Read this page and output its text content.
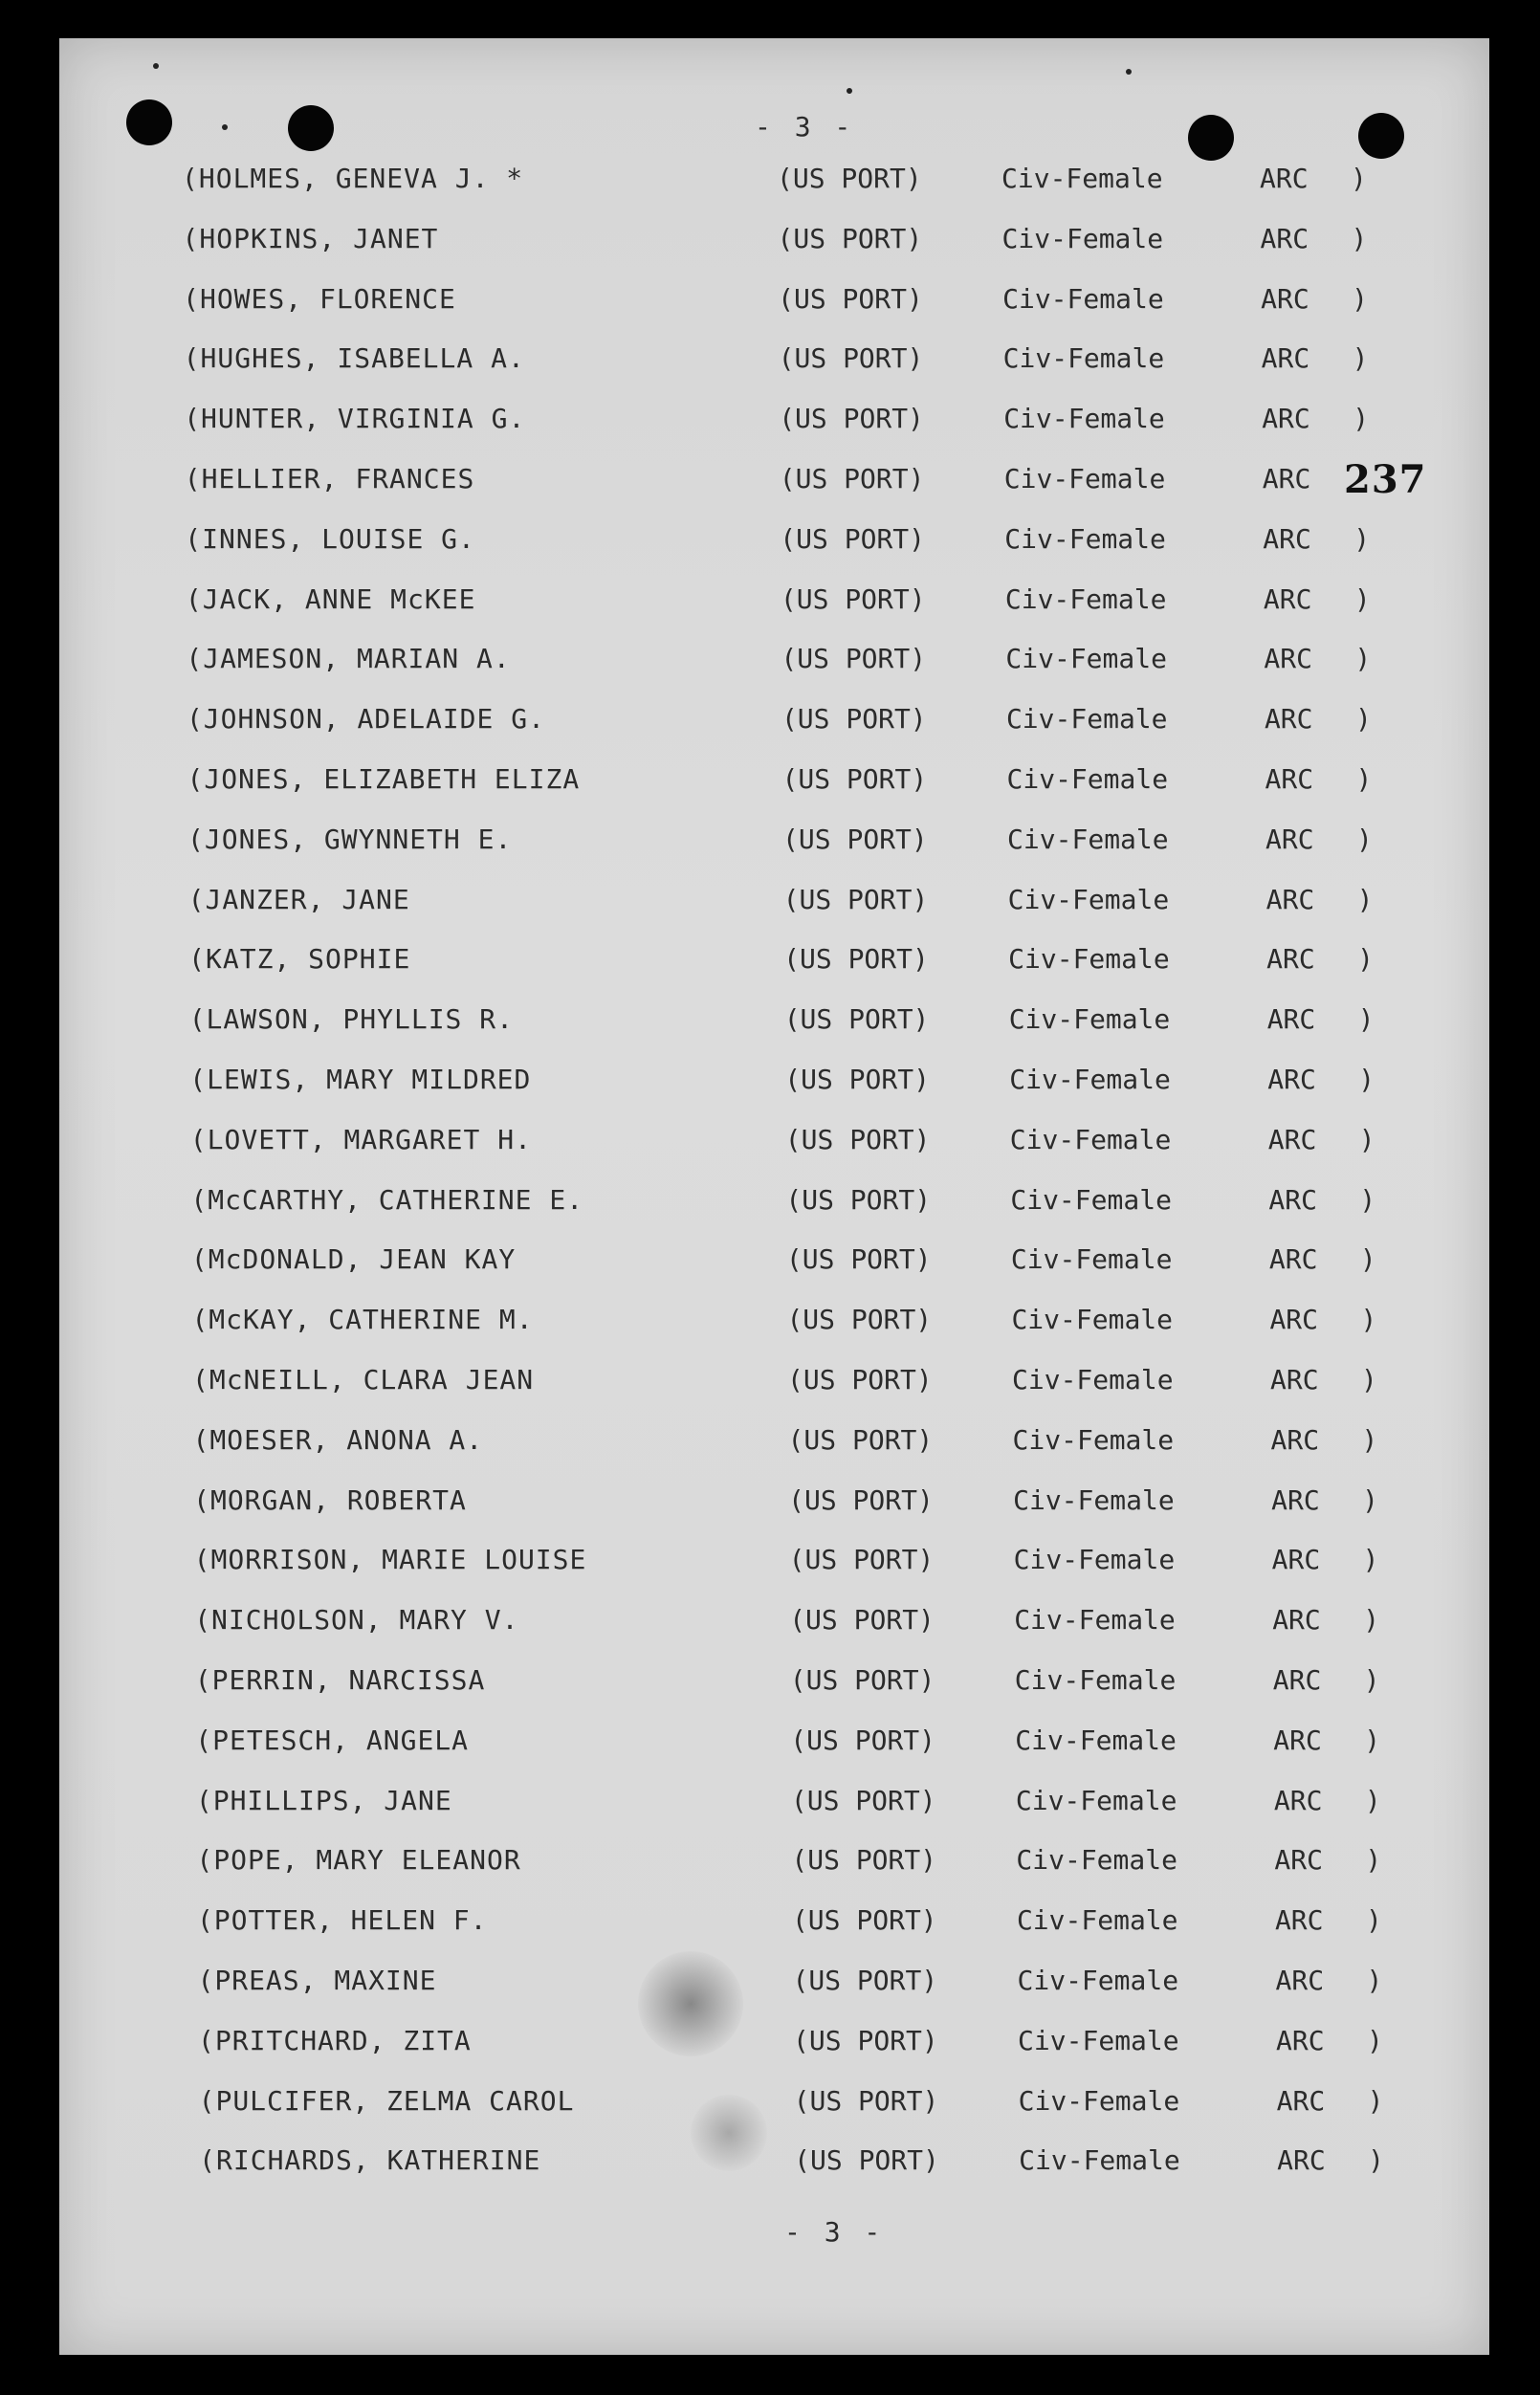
- 3 -
237
(HOLMES, GENEVA J. *	(US PORT)	Civ-Female	ARC )
(HOPKINS, JANET	(US PORT)	Civ-Female	ARC )
(HOWES, FLORENCE	(US PORT)	Civ-Female	ARC )
(HUGHES, ISABELLA A.	(US PORT)	Civ-Female	ARC )
(HUNTER, VIRGINIA G.	(US PORT)	Civ-Female	ARC )
(HELLIER, FRANCES	(US PORT)	Civ-Female	ARC
(INNES, LOUISE G.	(US PORT)	Civ-Female	ARC )
(JACK, ANNE McKEE	(US PORT)	Civ-Female	ARC )
(JAMESON, MARIAN A.	(US PORT)	Civ-Female	ARC )
(JOHNSON, ADELAIDE G.	(US PORT)	Civ-Female	ARC )
(JONES, ELIZABETH ELIZA	(US PORT)	Civ-Female	ARC )
(JONES, GWYNNETH E.	(US PORT)	Civ-Female	ARC )
(JANZER, JANE	(US PORT)	Civ-Female	ARC )
(KATZ, SOPHIE	(US PORT)	Civ-Female	ARC )
(LAWSON, PHYLLIS R.	(US PORT)	Civ-Female	ARC )
(LEWIS, MARY MILDRED	(US PORT)	Civ-Female	ARC )
(LOVETT, MARGARET H.	(US PORT)	Civ-Female	ARC )
(McCARTHY, CATHERINE E.	(US PORT)	Civ-Female	ARC )
(McDONALD, JEAN KAY	(US PORT)	Civ-Female	ARC )
(McKAY, CATHERINE M.	(US PORT)	Civ-Female	ARC )
(McNEILL, CLARA JEAN	(US PORT)	Civ-Female	ARC )
(MOESER, ANONA A.	(US PORT)	Civ-Female	ARC )
(MORGAN, ROBERTA	(US PORT)	Civ-Female	ARC )
(MORRISON, MARIE LOUISE	(US PORT)	Civ-Female	ARC )
(NICHOLSON, MARY V.	(US PORT)	Civ-Female	ARC )
(PERRIN, NARCISSA	(US PORT)	Civ-Female	ARC )
(PETESCH, ANGELA	(US PORT)	Civ-Female	ARC )
(PHILLIPS, JANE	(US PORT)	Civ-Female	ARC )
(POPE, MARY ELEANOR	(US PORT)	Civ-Female	ARC )
(POTTER, HELEN F.	(US PORT)	Civ-Female	ARC )
(PREAS, MAXINE	(US PORT)	Civ-Female	ARC )
(PRITCHARD, ZITA	(US PORT)	Civ-Female	ARC )
(PULCIFER, ZELMA CAROL	(US PORT)	Civ-Female	ARC )
(RICHARDS, KATHERINE	(US PORT)	Civ-Female	ARC )
- 3 -
